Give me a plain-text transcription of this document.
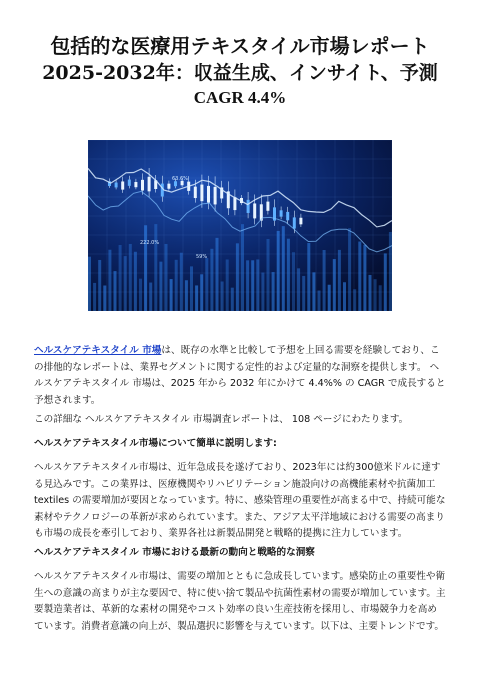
包括的な医療用テキスタイル市場レポート
2025-2032年：収益生成、インサイト、予測
CAGR 4.4%
63.6%
222.0%
59%

ヘルスケアテキスタイル 市場は、既存の水準と比較して予想を上回る需要を経験しており、この排他的なレポートは、業界セグメントに関する定性的および定量的な洞察を提供します。 ヘルスケアテキスタイル 市場は、2025 年から 2032 年にかけて 4.4%% の CAGR で成長すると予想されます。

この詳細な ヘルスケアテキスタイル 市場調査レポートは、 108 ページにわたります。
ヘルスケアテキスタイル市場について簡単に説明します:
ヘルスケアテキスタイル市場は、近年急成長を遂げており、2023年には約300億米ドルに達する見込みです。この業界は、医療機関やリハビリテーション施設向けの高機能素材や抗菌加工textiles の需要増加が要因となっています。特に、感染管理の重要性が高まる中で、持続可能な素材やテクノロジーの革新が求められています。また、アジア太平洋地域における需要の高まりも市場の成長を牽引しており、業界各社は新製品開発と戦略的提携に注力しています。
ヘルスケアテキスタイル 市場における最新の動向と戦略的な洞察
ヘルスケアテキスタイル市場は、需要の増加とともに急成長しています。感染防止の重要性や衛生への意識の高まりが主な要因で、特に使い捨て製品や抗菌性素材の需要が増加しています。主要製造業者は、革新的な素材の開発やコスト効率の良い生産技術を採用し、市場競争力を高めています。消費者意識の向上が、製品選択に影響を与えています。以下は、主要トレンドです。
